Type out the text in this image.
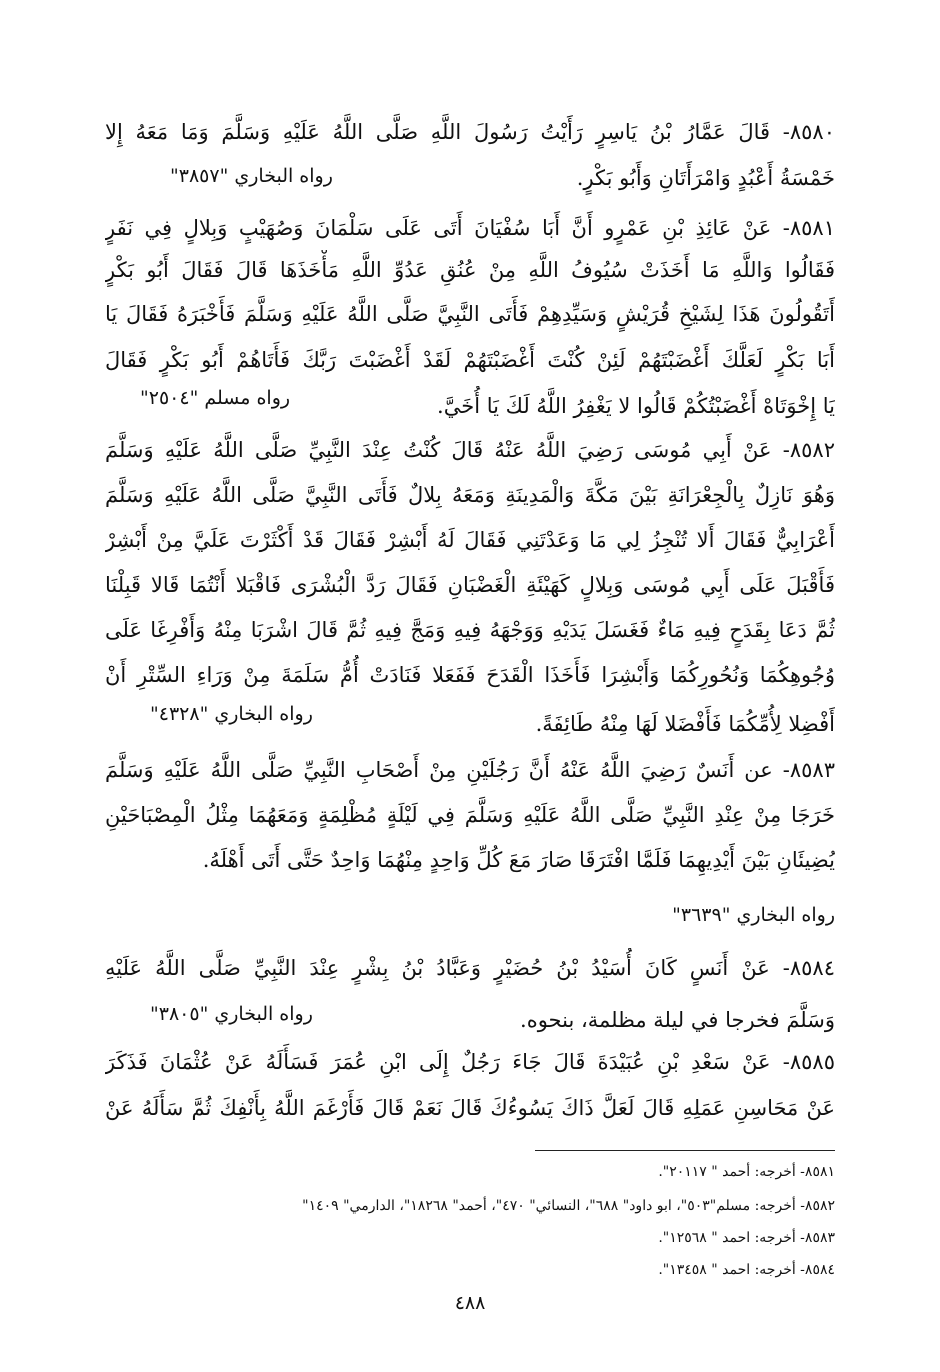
٨٥٨٠- قَالَ عَمَّارُ بْنُ يَاسِرٍ رَأَيْتُ رَسُولَ اللَّهِ صَلَّى اللَّهُ عَلَيْهِ وَسَلَّمَ وَمَا مَعَهُ إِلا
خَمْسَةُ أَعْبُدٍ وَامْرَأَتَانِ وَأَبُو بَكْرٍ.
رواه البخاري "٣٨٥٧"
٨٥٨١- عَنْ عَائِذِ بْنِ عَمْرٍو أَنَّ أَبَا سُفْيَانَ أَتَى عَلَى سَلْمَانَ وَصُهَيْبٍ وَبِلالٍ فِي نَفَرٍ
فَقَالُوا وَاللَّهِ مَا أَخَذَتْ سُيُوفُ اللَّهِ مِنْ عُنُقِ عَدُوِّ اللَّهِ مَأْخَذَهَا قَالَ فَقَالَ أَبُو بَكْرٍ
أَتَقُولُونَ هَذَا لِشَيْخِ قُرَيْشٍ وَسَيِّدِهِمْ فَأَتَى النَّبِيَّ صَلَّى اللَّهُ عَلَيْهِ وَسَلَّمَ فَأَخْبَرَهُ فَقَالَ يَا
أَبَا بَكْرٍ لَعَلَّكَ أَغْضَبْتَهُمْ لَئِنْ كُنْتَ أَغْضَبْتَهُمْ لَقَدْ أَغْضَبْتَ رَبَّكَ فَأَتَاهُمْ أَبُو بَكْرٍ فَقَالَ
يَا إِخْوَتَاهْ أَغْضَبْتُكُمْ قَالُوا لا يَغْفِرُ اللَّهُ لَكَ يَا أُخَيَّ.
رواه مسلم "٢٥٠٤"
٨٥٨٢- عَنْ أَبِي مُوسَى رَضِيَ اللَّهُ عَنْهُ قَالَ كُنْتُ عِنْدَ النَّبِيِّ صَلَّى اللَّهُ عَلَيْهِ وَسَلَّمَ
وَهُوَ نَازِلٌ بِالْجِعْرَانَةِ بَيْنَ مَكَّةَ وَالْمَدِينَةِ وَمَعَهُ بِلالٌ فَأَتَى النَّبِيَّ صَلَّى اللَّهُ عَلَيْهِ وَسَلَّمَ
أَعْرَابِيٌّ فَقَالَ أَلا تُنْجِزُ لِي مَا وَعَدْتَنِي فَقَالَ لَهُ أَبْشِرْ فَقَالَ قَدْ أَكْثَرْتَ عَلَيَّ مِنْ أَبْشِرْ
فَأَقْبَلَ عَلَى أَبِي مُوسَى وَبِلالٍ كَهَيْئَةِ الْغَضْبَانِ فَقَالَ رَدَّ الْبُشْرَى فَاقْبَلا أَنْتُمَا قَالا قَبِلْنَا
ثُمَّ دَعَا بِقَدَحٍ فِيهِ مَاءٌ فَغَسَلَ يَدَيْهِ وَوَجْهَهُ فِيهِ وَمَجَّ فِيهِ ثُمَّ قَالَ اشْرَبَا مِنْهُ وَأَفْرِغَا عَلَى
وُجُوهِكُمَا وَنُحُورِكُمَا وَأَبْشِرَا فَأَخَذَا الْقَدَحَ فَفَعَلا فَنَادَتْ أُمُّ سَلَمَةَ مِنْ وَرَاءِ السِّتْرِ أَنْ
أَفْضِلا لِأُمِّكُمَا فَأَفْضَلا لَهَا مِنْهُ طَائِفَةً.
رواه البخاري "٤٣٢٨"
٨٥٨٣- عن أَنَسٌ رَضِيَ اللَّهُ عَنْهُ أَنَّ رَجُلَيْنِ مِنْ أَصْحَابِ النَّبِيِّ صَلَّى اللَّهُ عَلَيْهِ وَسَلَّمَ
خَرَجَا مِنْ عِنْدِ النَّبِيِّ صَلَّى اللَّهُ عَلَيْهِ وَسَلَّمَ فِي لَيْلَةٍ مُظْلِمَةٍ وَمَعَهُمَا مِثْلُ الْمِصْبَاحَيْنِ
يُضِيئَانِ بَيْنَ أَيْدِيهِمَا فَلَمَّا افْتَرَقَا صَارَ مَعَ كُلِّ وَاحِدٍ مِنْهُمَا وَاحِدٌ حَتَّى أَتَى أَهْلَهُ.
رواه البخاري "٣٦٣٩"
٨٥٨٤- عَنْ أَنَسٍ كَانَ أُسَيْدُ بْنُ حُضَيْرٍ وَعَبَّادُ بْنُ بِشْرٍ عِنْدَ النَّبِيِّ صَلَّى اللَّهُ عَلَيْهِ
وَسَلَّمَ فخرجا في ليلة مظلمة، بنحوه.
رواه البخاري "٣٨٠٥"
٨٥٨٥- عَنْ سَعْدِ بْنِ عُبَيْدَةَ قَالَ جَاءَ رَجُلٌ إِلَى ابْنِ عُمَرَ فَسَأَلَهُ عَنْ عُثْمَانَ فَذَكَرَ
عَنْ مَحَاسِنِ عَمَلِهِ قَالَ لَعَلَّ ذَاكَ يَسُوءُكَ قَالَ نَعَمْ قَالَ فَأَرْغَمَ اللَّهُ بِأَنْفِكَ ثُمَّ سَأَلَهُ عَنْ
٨٥٨١- أخرجه: أحمد " ٢٠١١٧".
٨٥٨٢- أخرجه: مسلم"٥٠٣"، ابو داود" ٦٨٨"، النسائي" ٤٧٠"، أحمد" ١٨٢٦٨"، الدارمي" ١٤٠٩"
٨٥٨٣- أخرجه: احمد " ١٢٥٦٨".
٨٥٨٤- أخرجه: احمد " ١٣٤٥٨".
٤٨٨
